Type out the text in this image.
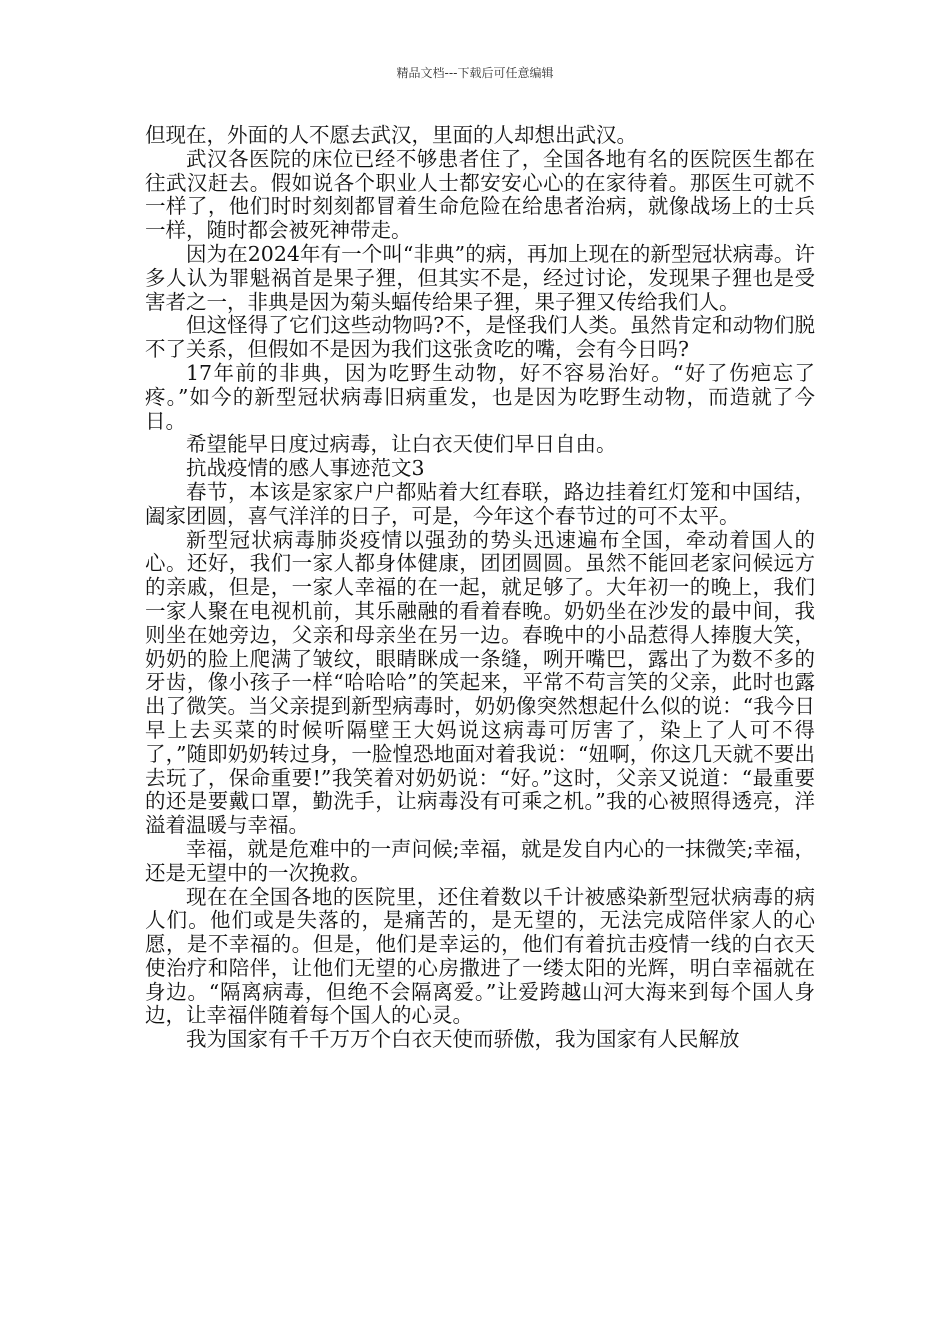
精品文档---下载后可任意编辑

但现在，外面的人不愿去武汉，里面的人却想出武汉。

武汉各医院的床位已经不够患者住了，全国各地有名的医院医生都在往武汉赶去。假如说各个职业人士都安安心心的在家待着。那医生可就不一样了，他们时时刻刻都冒着生命危险在给患者治病，就像战场上的士兵一样，随时都会被死神带走。

因为在2024年有一个叫“非典”的病，再加上现在的新型冠状病毒。许多人认为罪魁祸首是果子狸，但其实不是，经过讨论，发现果子狸也是受害者之一，非典是因为菊头蝠传给果子狸，果子狸又传给我们人。

但这怪得了它们这些动物吗?不，是怪我们人类。虽然肯定和动物们脱不了关系，但假如不是因为我们这张贪吃的嘴，会有今日吗?

17年前的非典，因为吃野生动物，好不容易治好。“好了伤疤忘了疼。”如今的新型冠状病毒旧病重发，也是因为吃野生动物，而造就了今日。

希望能早日度过病毒，让白衣天使们早日自由。

抗战疫情的感人事迹范文3

春节，本该是家家户户都贴着大红春联，路边挂着红灯笼和中国结，阖家团圆，喜气洋洋的日子，可是，今年这个春节过的可不太平。

新型冠状病毒肺炎疫情以强劲的势头迅速遍布全国，牵动着国人的心。还好，我们一家人都身体健康，团团圆圆。虽然不能回老家问候远方的亲戚，但是，一家人幸福的在一起，就足够了。大年初一的晚上，我们一家人聚在电视机前，其乐融融的看着春晚。奶奶坐在沙发的最中间，我则坐在她旁边，父亲和母亲坐在另一边。春晚中的小品惹得人捧腹大笑，奶奶的脸上爬满了皱纹，眼睛眯成一条缝，咧开嘴巴，露出了为数不多的牙齿，像小孩子一样“哈哈哈”的笑起来，平常不苟言笑的父亲，此时也露出了微笑。当父亲提到新型病毒时，奶奶像突然想起什么似的说：“我今日早上去买菜的时候听隔壁王大妈说这病毒可厉害了，染上了人可不得了，”随即奶奶转过身，一脸惶恐地面对着我说：“妞啊，你这几天就不要出去玩了，保命重要!”我笑着对奶奶说：“好。”这时，父亲又说道：“最重要的还是要戴口罩，勤洗手，让病毒没有可乘之机。”我的心被照得透亮，洋溢着温暖与幸福。

幸福，就是危难中的一声问候;幸福，就是发自内心的一抹微笑;幸福，还是无望中的一次挽救。

现在在全国各地的医院里，还住着数以千计被感染新型冠状病毒的病人们。他们或是失落的，是痛苦的，是无望的，无法完成陪伴家人的心愿，是不幸福的。但是，他们是幸运的，他们有着抗击疫情一线的白衣天使治疗和陪伴，让他们无望的心房撒进了一缕太阳的光辉，明白幸福就在身边。“隔离病毒，但绝不会隔离爱。”让爱跨越山河大海来到每个国人身边，让幸福伴随着每个国人的心灵。

我为国家有千千万万个白衣天使而骄傲，我为国家有人民解放
